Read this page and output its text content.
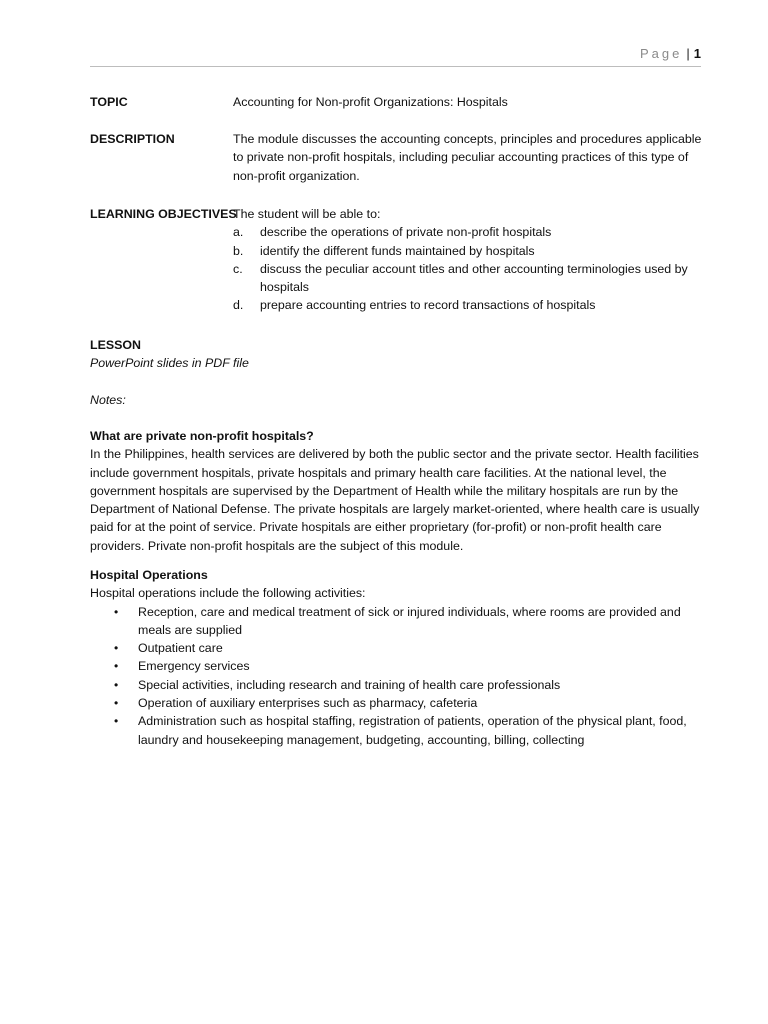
Page | 1
TOPIC	Accounting for Non-profit Organizations: Hospitals
DESCRIPTION	The module discusses the accounting concepts, principles and procedures applicable to private non-profit hospitals, including peculiar accounting practices of this type of non-profit organization.
LEARNING OBJECTIVES
The student will be able to:
a. describe the operations of private non-profit hospitals
b. identify the different funds maintained by hospitals
c. discuss the peculiar account titles and other accounting terminologies used by hospitals
d. prepare accounting entries to record transactions of hospitals
LESSON
PowerPoint slides in PDF file
Notes:
What are private non-profit hospitals?
In the Philippines, health services are delivered by both the public sector and the private sector. Health facilities include government hospitals, private hospitals and primary health care facilities. At the national level, the government hospitals are supervised by the Department of Health while the military hospitals are run by the Department of National Defense. The private hospitals are largely market-oriented, where health care is usually paid for at the point of service. Private hospitals are either proprietary (for-profit) or non-profit health care providers. Private non-profit hospitals are the subject of this module.
Hospital Operations
Hospital operations include the following activities:
• Reception, care and medical treatment of sick or injured individuals, where rooms are provided and meals are supplied
• Outpatient care
• Emergency services
• Special activities, including research and training of health care professionals
• Operation of auxiliary enterprises such as pharmacy, cafeteria
• Administration such as hospital staffing, registration of patients, operation of the physical plant, food, laundry and housekeeping management, budgeting, accounting, billing, collecting
